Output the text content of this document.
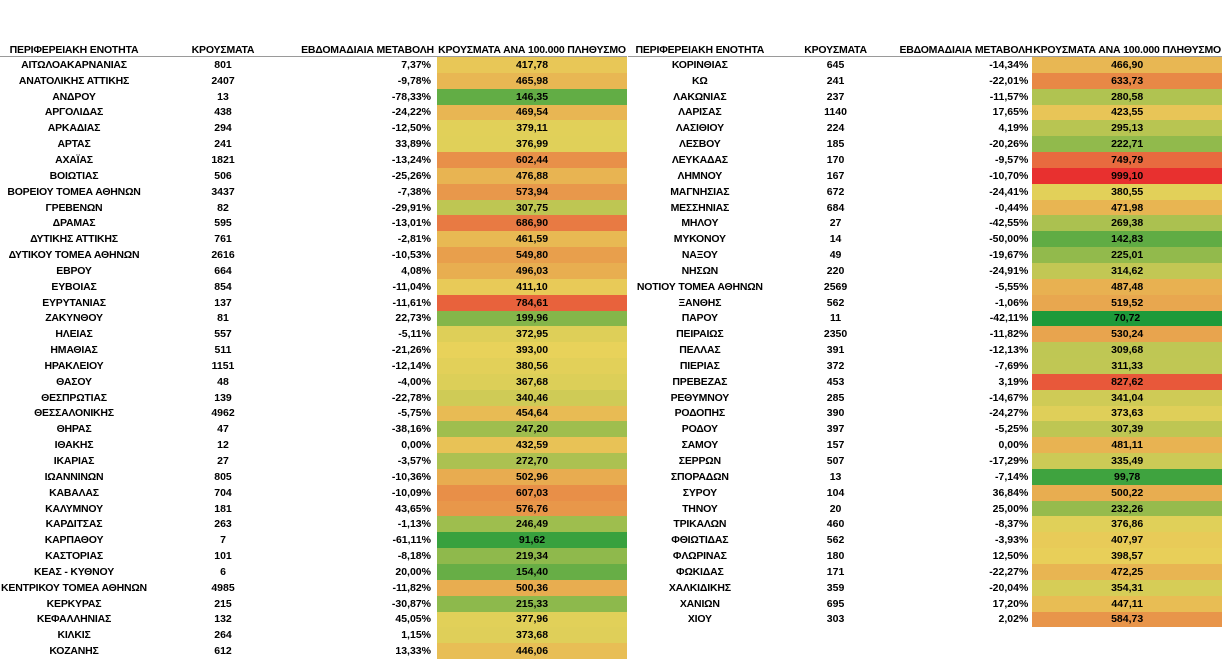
ΠΕΡΙΦΕΡΕΙΑΚΗ ΕΝΟΤΗΤΑ	ΚΡΟΥΣΜΑΤΑ	ΕΒΔΟΜΑΔΙΑΙΑ ΜΕΤΑΒΟΛΗ	ΚΡΟΥΣΜΑΤΑ ΑΝΑ 100.000 ΠΛΗΘΥΣΜΟ
ΑΙΤΩΛΟΑΚΑΡΝΑΝΙΑΣ	801	7,37%	417,78
ΑΝΑΤΟΛΙΚΗΣ ΑΤΤΙΚΗΣ	2407	-9,78%	465,98
ΑΝΔΡΟΥ	13	-78,33%	146,35
ΑΡΓΟΛΙΔΑΣ	438	-24,22%	469,54
ΑΡΚΑΔΙΑΣ	294	-12,50%	379,11
ΑΡΤΑΣ	241	33,89%	376,99
ΑΧΑΪΑΣ	1821	-13,24%	602,44
ΒΟΙΩΤΙΑΣ	506	-25,26%	476,88
ΒΟΡΕΙΟΥ ΤΟΜΕΑ ΑΘΗΝΩΝ	3437	-7,38%	573,94
ΓΡΕΒΕΝΩΝ	82	-29,91%	307,75
ΔΡΑΜΑΣ	595	-13,01%	686,90
ΔΥΤΙΚΗΣ ΑΤΤΙΚΗΣ	761	-2,81%	461,59
ΔΥΤΙΚΟΥ ΤΟΜΕΑ ΑΘΗΝΩΝ	2616	-10,53%	549,80
ΕΒΡΟΥ	664	4,08%	496,03
ΕΥΒΟΙΑΣ	854	-11,04%	411,10
ΕΥΡΥΤΑΝΙΑΣ	137	-11,61%	784,61
ΖΑΚΥΝΘΟΥ	81	22,73%	199,96
ΗΛΕΙΑΣ	557	-5,11%	372,95
ΗΜΑΘΙΑΣ	511	-21,26%	393,00
ΗΡΑΚΛΕΙΟΥ	1151	-12,14%	380,56
ΘΑΣΟΥ	48	-4,00%	367,68
ΘΕΣΠΡΩΤΙΑΣ	139	-22,78%	340,46
ΘΕΣΣΑΛΟΝΙΚΗΣ	4962	-5,75%	454,64
ΘΗΡΑΣ	47	-38,16%	247,20
ΙΘΑΚΗΣ	12	0,00%	432,59
ΙΚΑΡΙΑΣ	27	-3,57%	272,70
ΙΩΑΝΝΙΝΩΝ	805	-10,36%	502,96
ΚΑΒΑΛΑΣ	704	-10,09%	607,03
ΚΑΛΥΜΝΟΥ	181	43,65%	576,76
ΚΑΡΔΙΤΣΑΣ	263	-1,13%	246,49
ΚΑΡΠΑΘΟΥ	7	-61,11%	91,62
ΚΑΣΤΟΡΙΑΣ	101	-8,18%	219,34
ΚΕΑΣ - ΚΥΘΝΟΥ	6	20,00%	154,40
ΚΕΝΤΡΙΚΟΥ ΤΟΜΕΑ ΑΘΗΝΩΝ	4985	-11,82%	500,36
ΚΕΡΚΥΡΑΣ	215	-30,87%	215,33
ΚΕΦΑΛΛΗΝΙΑΣ	132	45,05%	377,96
ΚΙΛΚΙΣ	264	1,15%	373,68
ΚΟΖΑΝΗΣ	612	13,33%	446,06
ΠΕΡΙΦΕΡΕΙΑΚΗ ΕΝΟΤΗΤΑ	ΚΡΟΥΣΜΑΤΑ	ΕΒΔΟΜΑΔΙΑΙΑ ΜΕΤΑΒΟΛΗ	ΚΡΟΥΣΜΑΤΑ ΑΝΑ 100.000 ΠΛΗΘΥΣΜΟ
ΚΟΡΙΝΘΙΑΣ	645	-14,34%	466,90
ΚΩ	241	-22,01%	633,73
ΛΑΚΩΝΙΑΣ	237	-11,57%	280,58
ΛΑΡΙΣΑΣ	1140	17,65%	423,55
ΛΑΣΙΘΙΟΥ	224	4,19%	295,13
ΛΕΣΒΟΥ	185	-20,26%	222,71
ΛΕΥΚΑΔΑΣ	170	-9,57%	749,79
ΛΗΜΝΟΥ	167	-10,70%	999,10
ΜΑΓΝΗΣΙΑΣ	672	-24,41%	380,55
ΜΕΣΣΗΝΙΑΣ	684	-0,44%	471,98
ΜΗΛΟΥ	27	-42,55%	269,38
ΜΥΚΟΝΟΥ	14	-50,00%	142,83
ΝΑΞΟΥ	49	-19,67%	225,01
ΝΗΣΩΝ	220	-24,91%	314,62
ΝΟΤΙΟΥ ΤΟΜΕΑ ΑΘΗΝΩΝ	2569	-5,55%	487,48
ΞΑΝΘΗΣ	562	-1,06%	519,52
ΠΑΡΟΥ	11	-42,11%	70,72
ΠΕΙΡΑΙΩΣ	2350	-11,82%	530,24
ΠΕΛΛΑΣ	391	-12,13%	309,68
ΠΙΕΡΙΑΣ	372	-7,69%	311,33
ΠΡΕΒΕΖΑΣ	453	3,19%	827,62
ΡΕΘΥΜΝΟΥ	285	-14,67%	341,04
ΡΟΔΟΠΗΣ	390	-24,27%	373,63
ΡΟΔΟΥ	397	-5,25%	307,39
ΣΑΜΟΥ	157	0,00%	481,11
ΣΕΡΡΩΝ	507	-17,29%	335,49
ΣΠΟΡΑΔΩΝ	13	-7,14%	99,78
ΣΥΡΟΥ	104	36,84%	500,22
ΤΗΝΟΥ	20	25,00%	232,26
ΤΡΙΚΑΛΩΝ	460	-8,37%	376,86
ΦΘΙΩΤΙΔΑΣ	562	-3,93%	407,97
ΦΛΩΡΙΝΑΣ	180	12,50%	398,57
ΦΩΚΙΔΑΣ	171	-22,27%	472,25
ΧΑΛΚΙΔΙΚΗΣ	359	-20,04%	354,31
ΧΑΝΙΩΝ	695	17,20%	447,11
ΧΙΟΥ	303	2,02%	584,73
